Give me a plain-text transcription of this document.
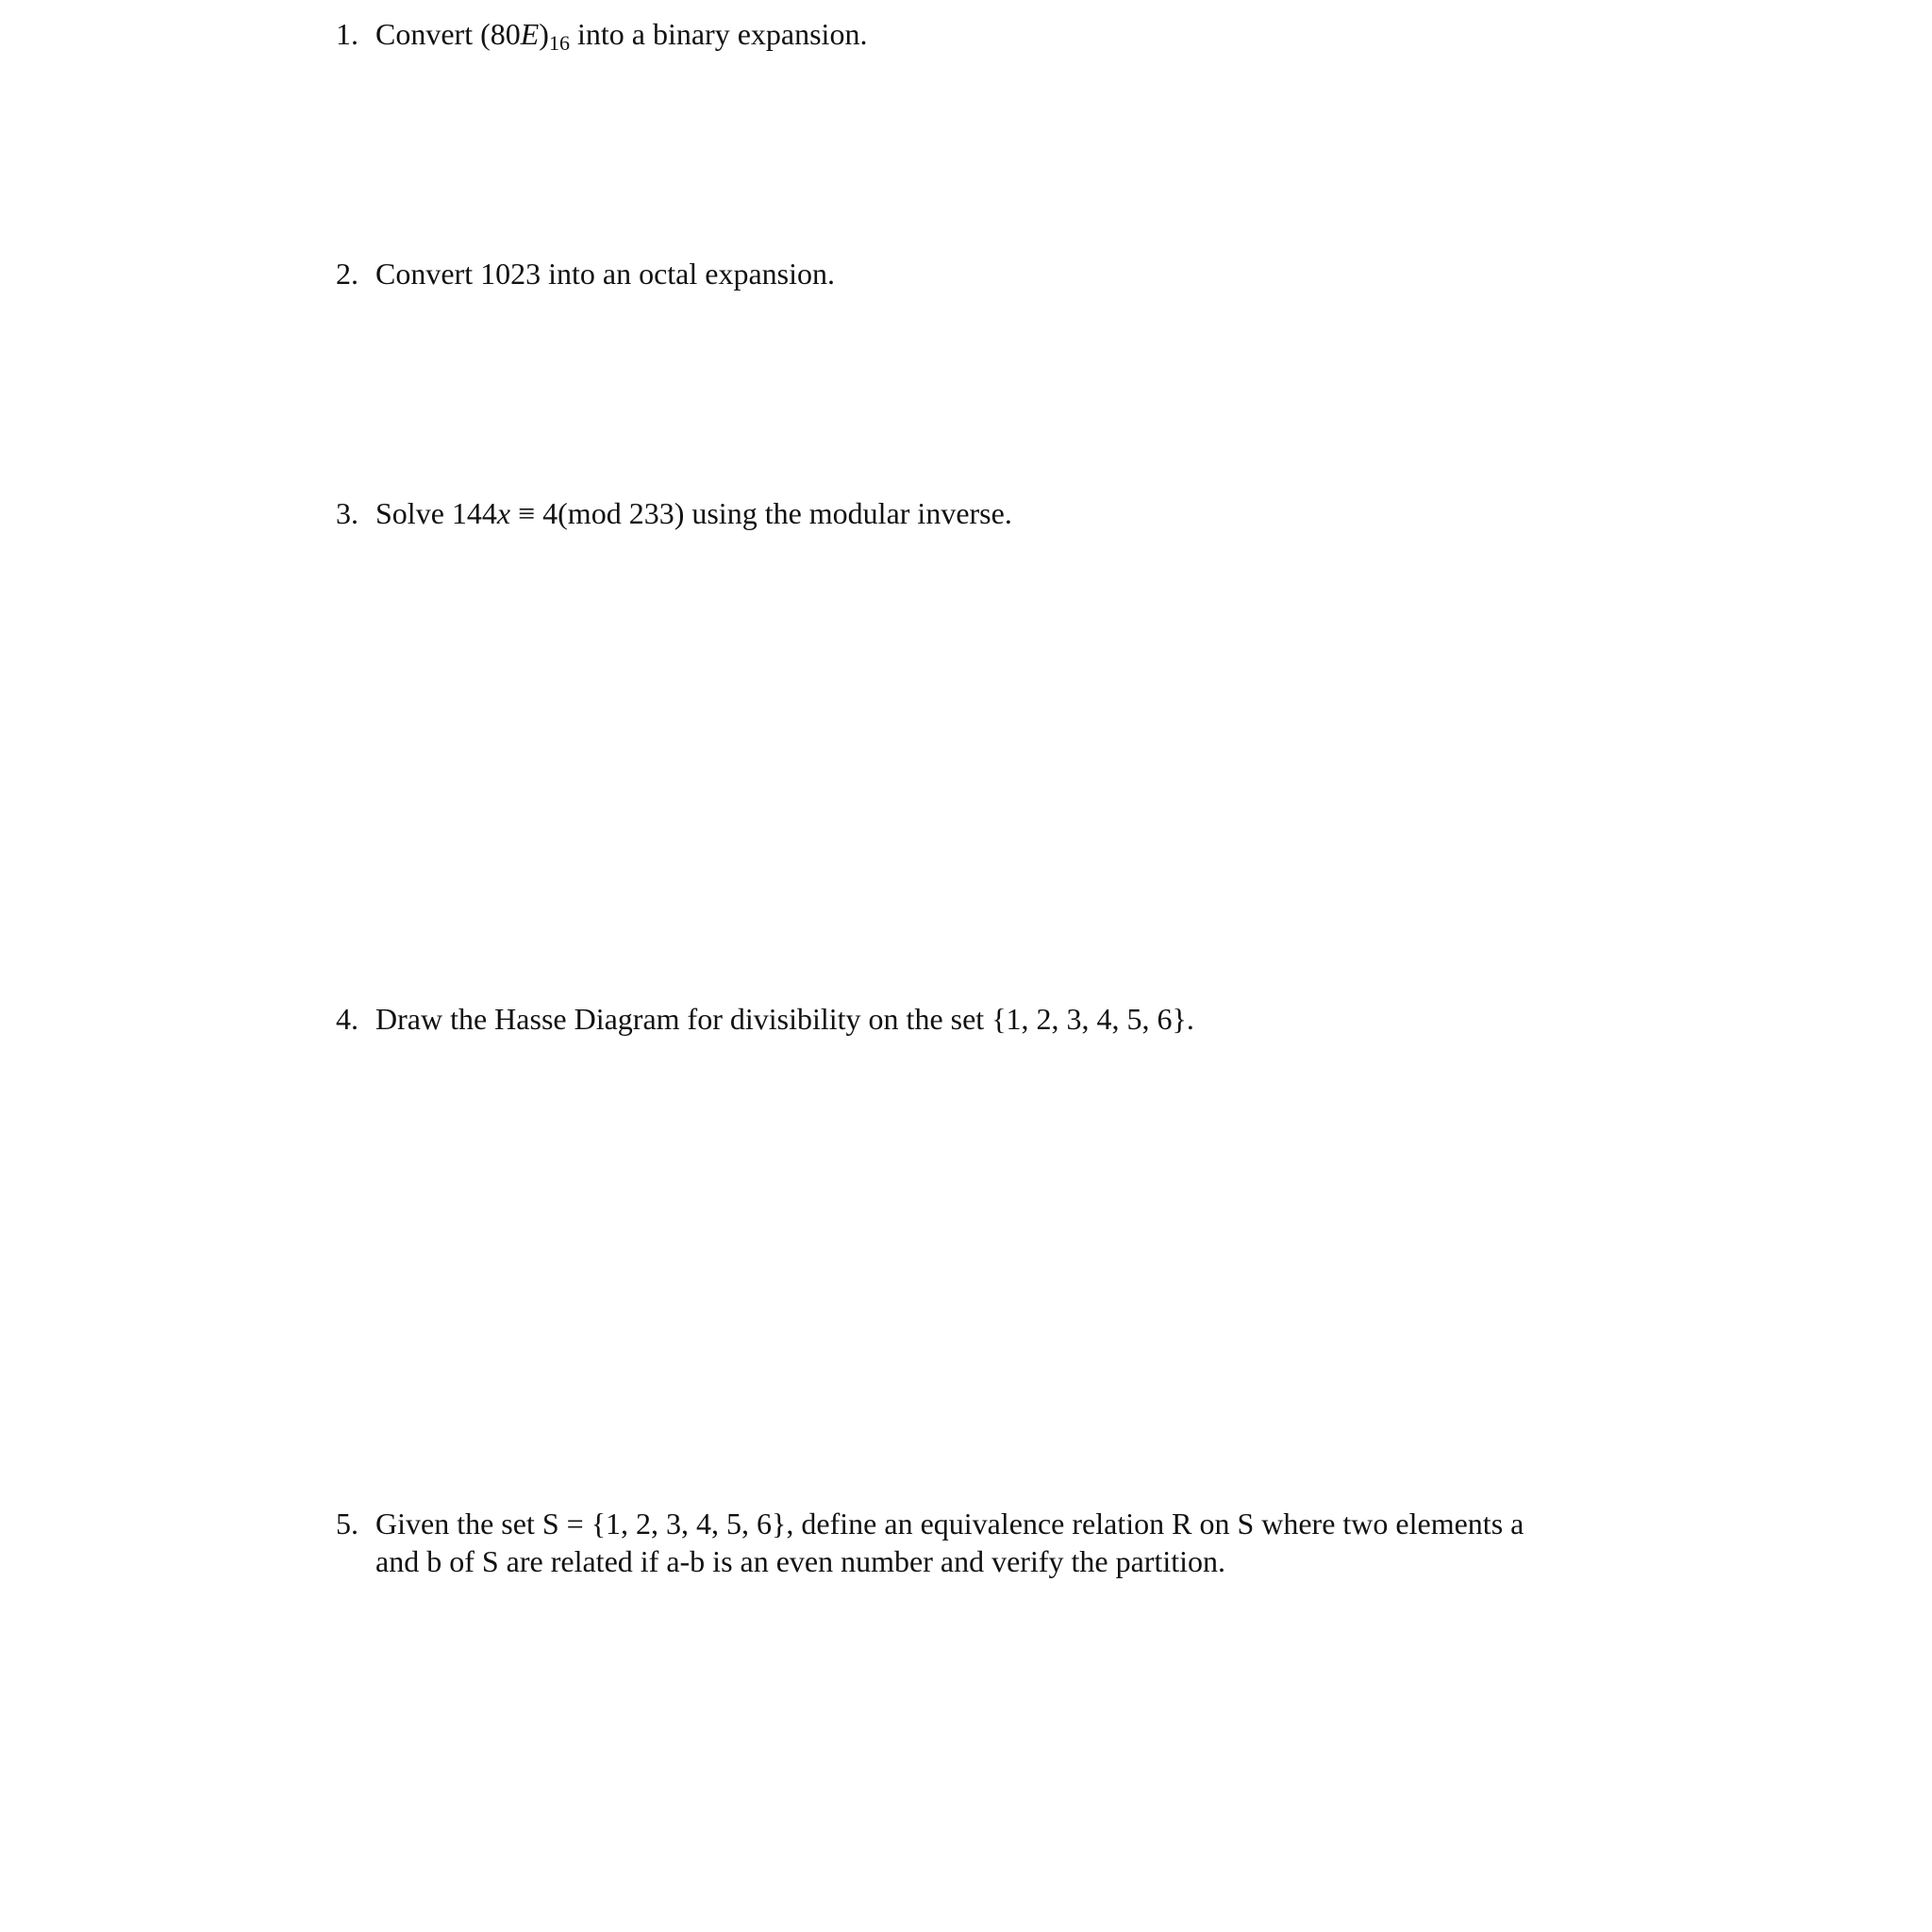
1. Convert $(80E)_{16}$ into a binary expansion.
2. Convert 1023 into an octal expansion.
3. Solve 144x ≡ 4(mod 233) using the modular inverse.
4. Draw the Hasse Diagram for divisibility on the set {1, 2, 3, 4, 5, 6}.
5. Given the set S = {1, 2, 3, 4, 5, 6}, define an equivalence relation R on S where two elements a
and b of S are related if a-b is an even number and verify the partition.
